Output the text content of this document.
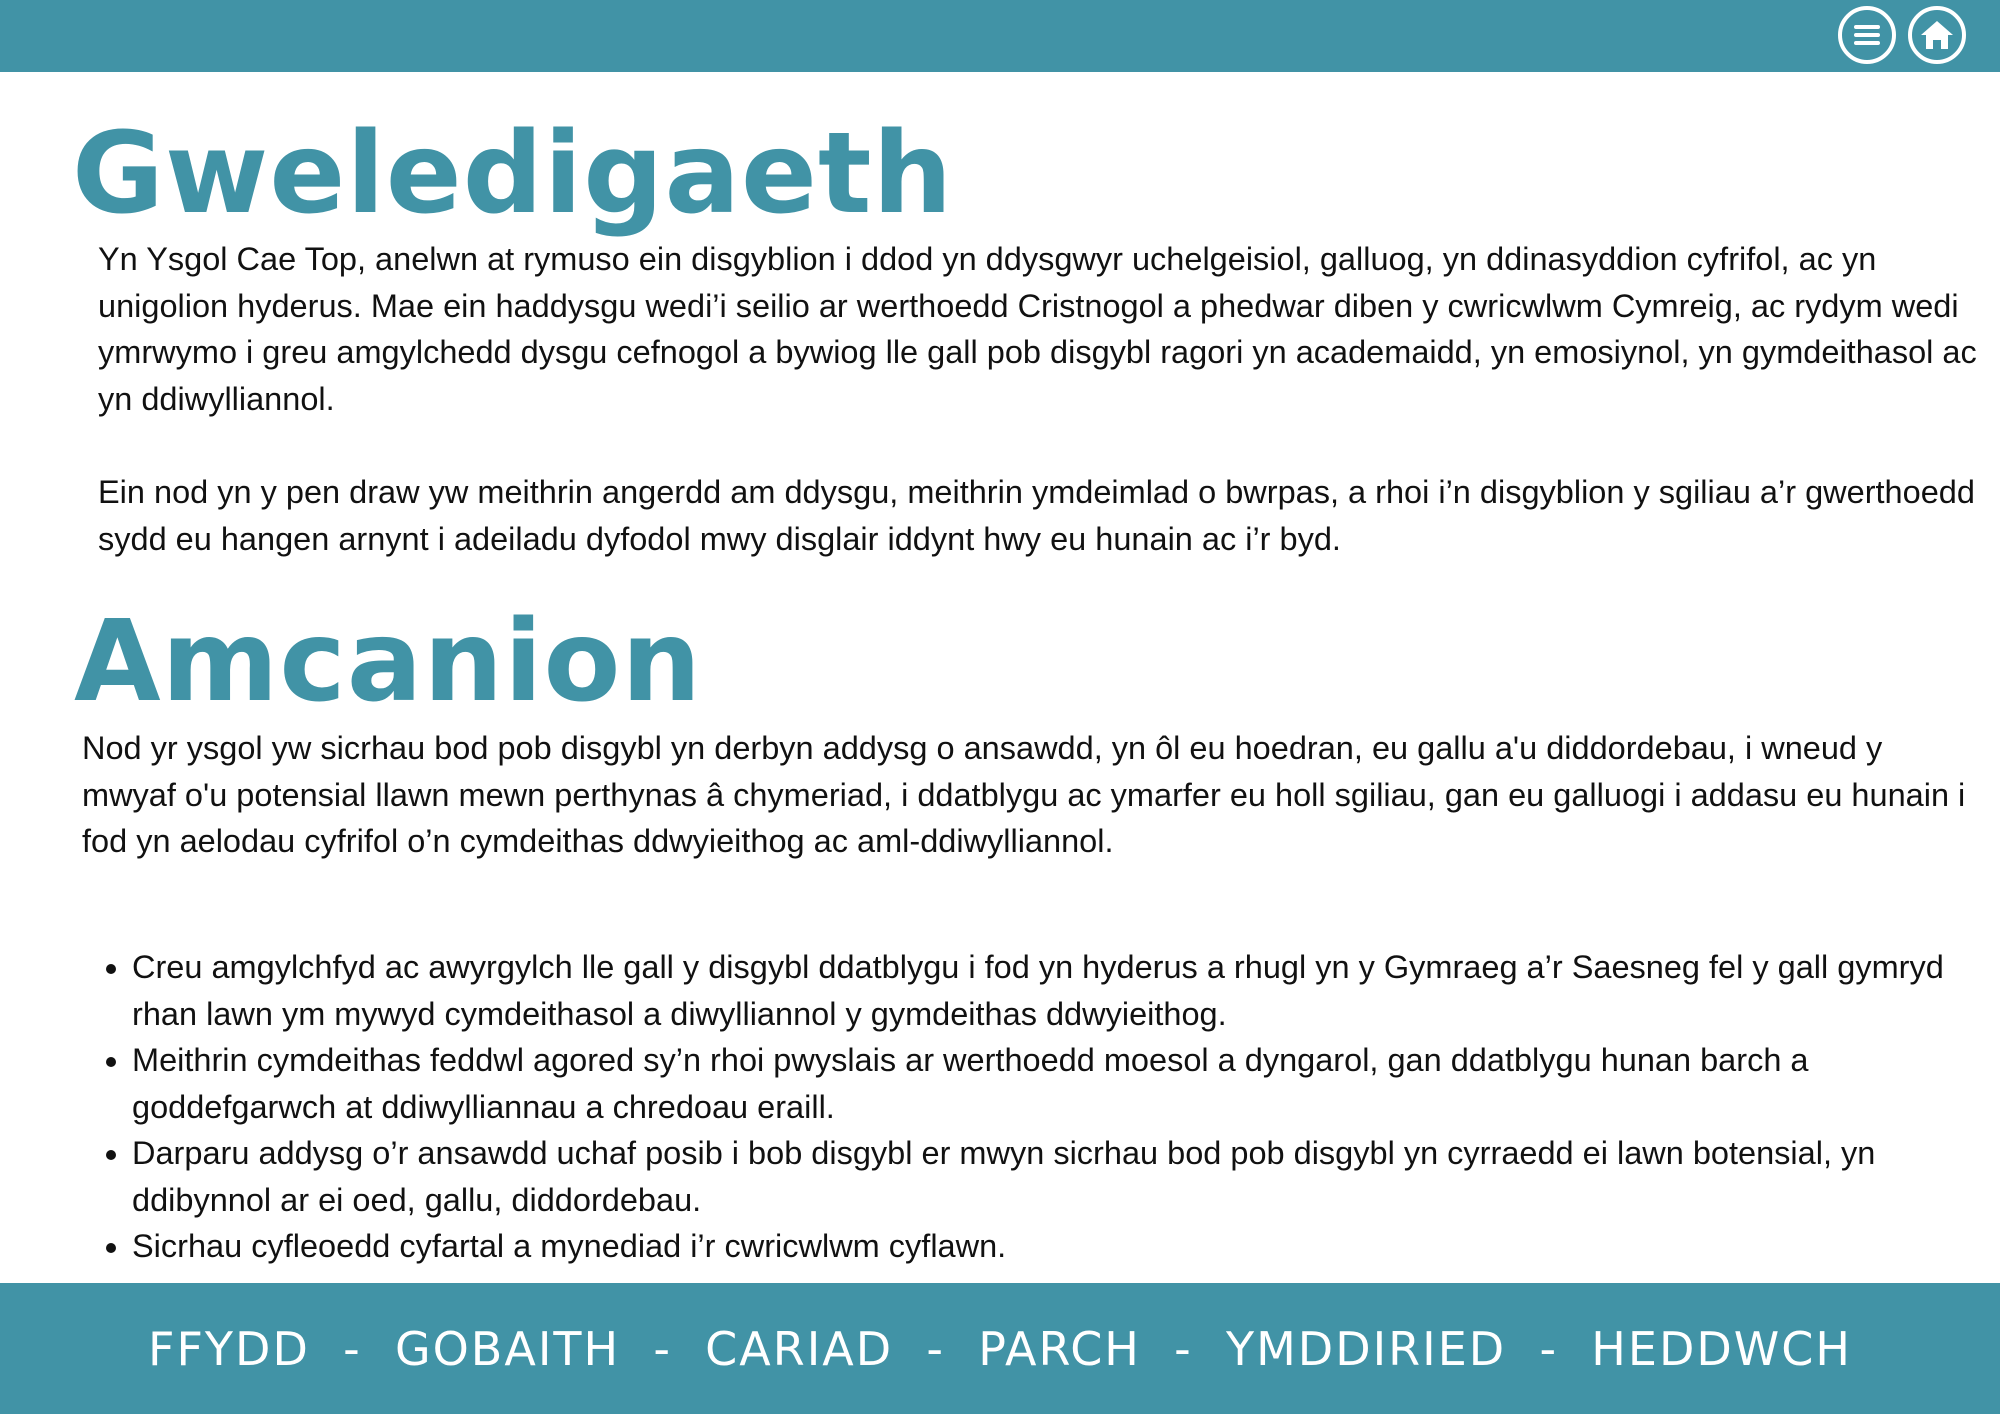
Gweledigaeth

Yn Ysgol Cae Top, anelwn at rymuso ein disgyblion i ddod yn ddysgwyr uchelgeisiol, galluog, yn ddinasyddion cyfrifol, ac yn unigolion hyderus. Mae ein haddysgu wedi’i seilio ar werthoedd Cristnogol a phedwar diben y cwricwlwm Cymreig, ac rydym wedi ymrwymo i greu amgylchedd dysgu cefnogol a bywiog lle gall pob disgybl ragori yn academaidd, yn emosiynol, yn gymdeithasol ac yn ddiwylliannol.

Ein nod yn y pen draw yw meithrin angerdd am ddysgu, meithrin ymdeimlad o bwrpas, a rhoi i’n disgyblion y sgiliau a’r gwerthoedd sydd eu hangen arnynt i adeiladu dyfodol mwy disglair iddynt hwy eu hunain ac i’r byd.

Amcanion

Nod yr ysgol yw sicrhau bod pob disgybl yn derbyn addysg o ansawdd, yn ôl eu hoedran, eu gallu a'u diddordebau, i wneud y mwyaf o'u potensial llawn mewn perthynas â chymeriad, i ddatblygu ac ymarfer eu holl sgiliau, gan eu galluogi i addasu eu hunain i fod yn aelodau cyfrifol o’n cymdeithas ddwyieithog ac aml-ddiwylliannol.

• Creu amgylchfyd ac awyrgylch lle gall y disgybl ddatblygu i fod yn hyderus a rhugl yn y Gymraeg a’r Saesneg fel y gall gymryd rhan lawn ym mywyd cymdeithasol a diwylliannol y gymdeithas ddwyieithog.
• Meithrin cymdeithas feddwl agored sy’n rhoi pwyslais ar werthoedd moesol a dyngarol, gan ddatblygu hunan barch a goddefgarwch at ddiwylliannau a chredoau eraill.
• Darparu addysg o’r ansawdd uchaf posib i bob disgybl er mwyn sicrhau bod pob disgybl yn cyrraedd ei lawn botensial, yn ddibynnol ar ei oed, gallu, diddordebau.
• Sicrhau cyfleoedd cyfartal a mynediad i’r cwricwlwm cyflawn.
FFYDD  -  GOBAITH  -  CARIAD  -  PARCH  -  YMDDIRIED  -  HEDDWCH
